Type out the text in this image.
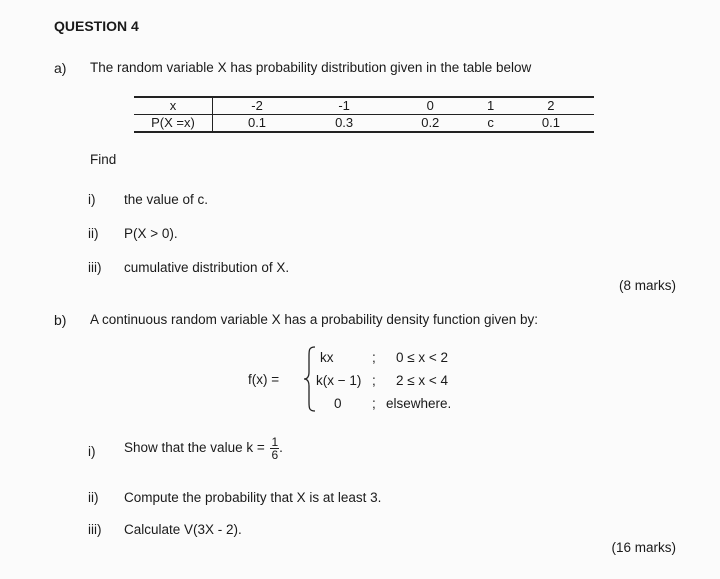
QUESTION 4
a) The random variable X has probability distribution given in the table below
x	-2	-1	0	1	2
P(X =x)	0.1	0.3	0.2	c	0.1
Find
i) the value of c.
ii) P(X > 0).
iii) cumulative distribution of X.
(8 marks)
b) A continuous random variable X has a probability density function given by:
f(x) =
kx	; 0 ≤ x < 2
k(x − 1) ; 2 ≤ x < 4
0 ; elsewhere.
i) Show that the value $k = \frac{1}{6}$ .
ii) Compute the probability that X is at least 3.
iii) Calculate V(3X - 2).
(16 marks)
